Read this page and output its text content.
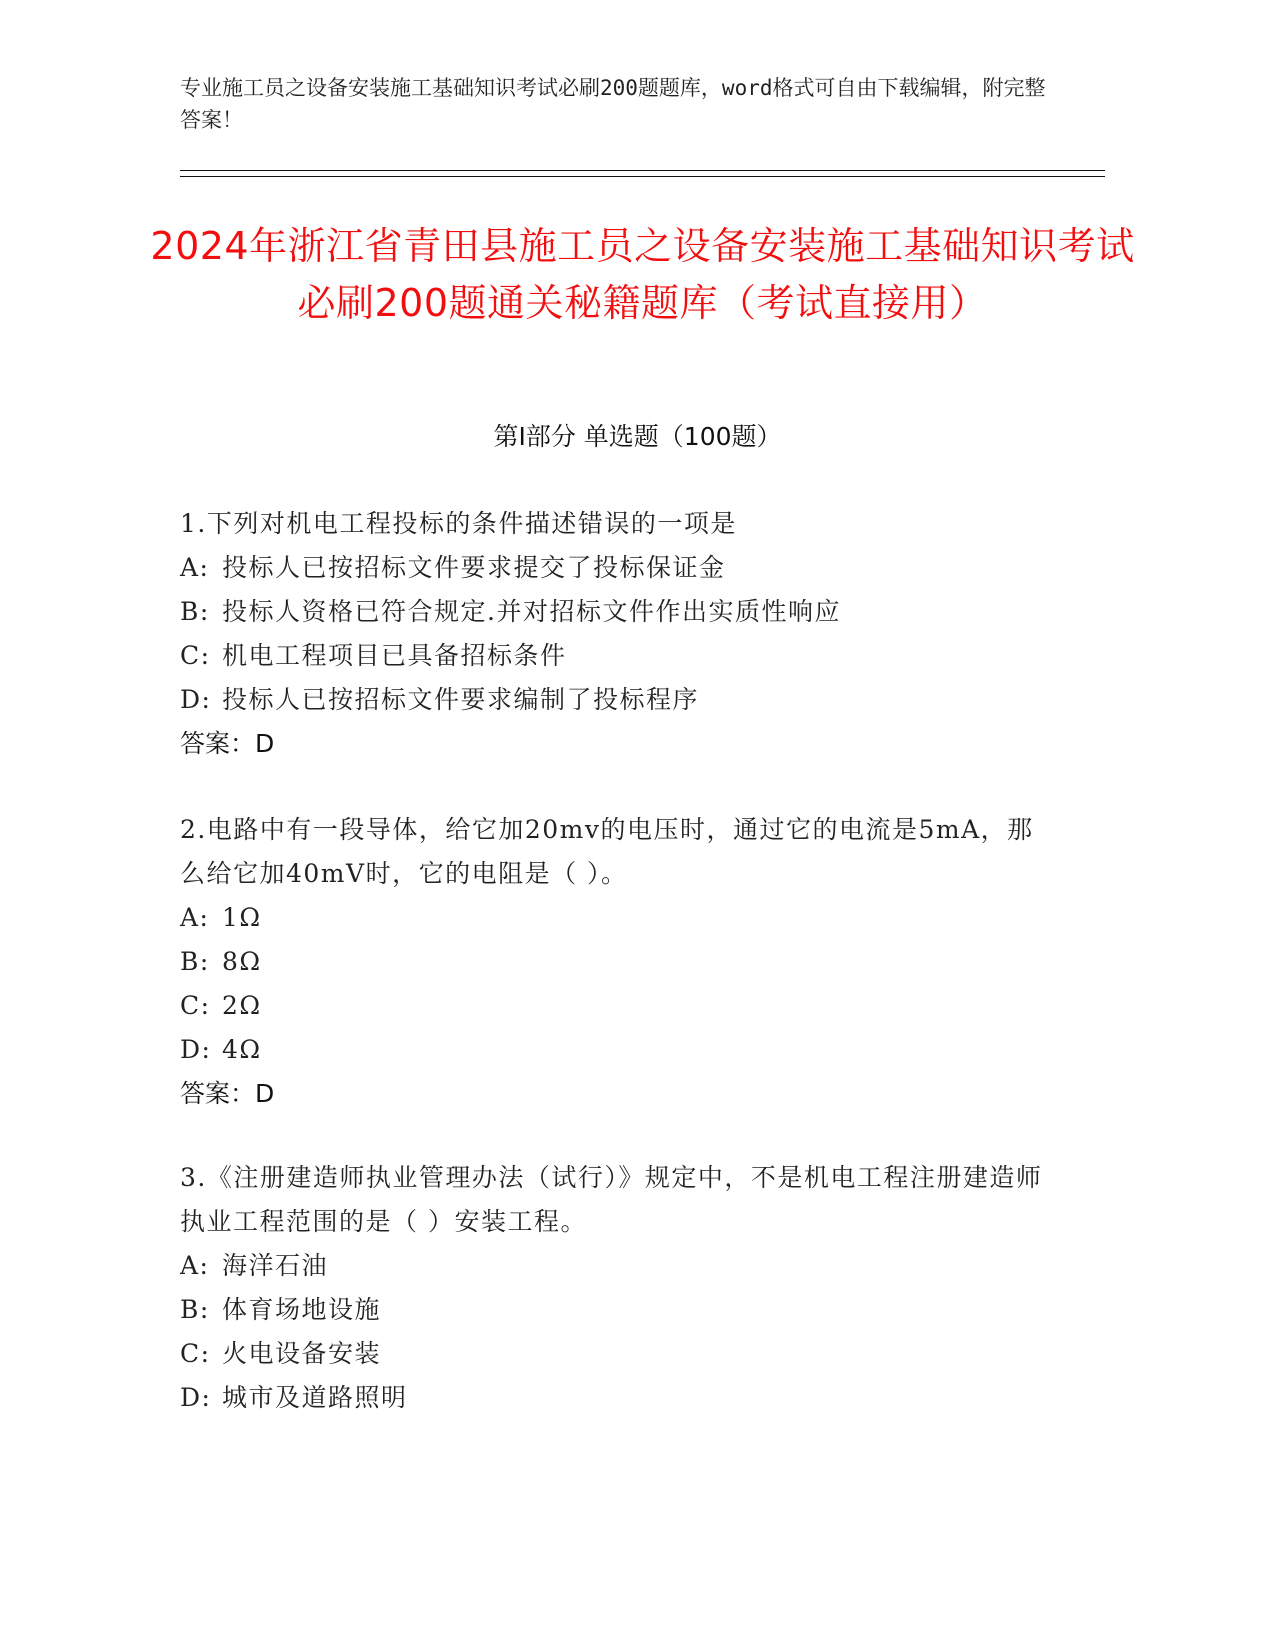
专业施工员之设备安装施工基础知识考试必刷200题题库，word格式可自由下载编辑，附完整答案！
2024年浙江省青田县施工员之设备安装施工基础知识考试必刷200题通关秘籍题库（考试直接用）
第Ⅰ部分 单选题（100题）
1.下列对机电工程投标的条件描述错误的一项是
A: 投标人已按招标文件要求提交了投标保证金
B: 投标人资格已符合规定.并对招标文件作出实质性响应
C: 机电工程项目已具备招标条件
D: 投标人已按招标文件要求编制了投标程序
答案：D
2.电路中有一段导体，给它加20mv的电压时，通过它的电流是5mA，那么给它加40mV时，它的电阻是（ ）。
A: 1Ω
B: 8Ω
C: 2Ω
D: 4Ω
答案：D
3.《注册建造师执业管理办法（试行）》规定中，不是机电工程注册建造师执业工程范围的是（ ）安装工程。
A: 海洋石油
B: 体育场地设施
C: 火电设备安装
D: 城市及道路照明
